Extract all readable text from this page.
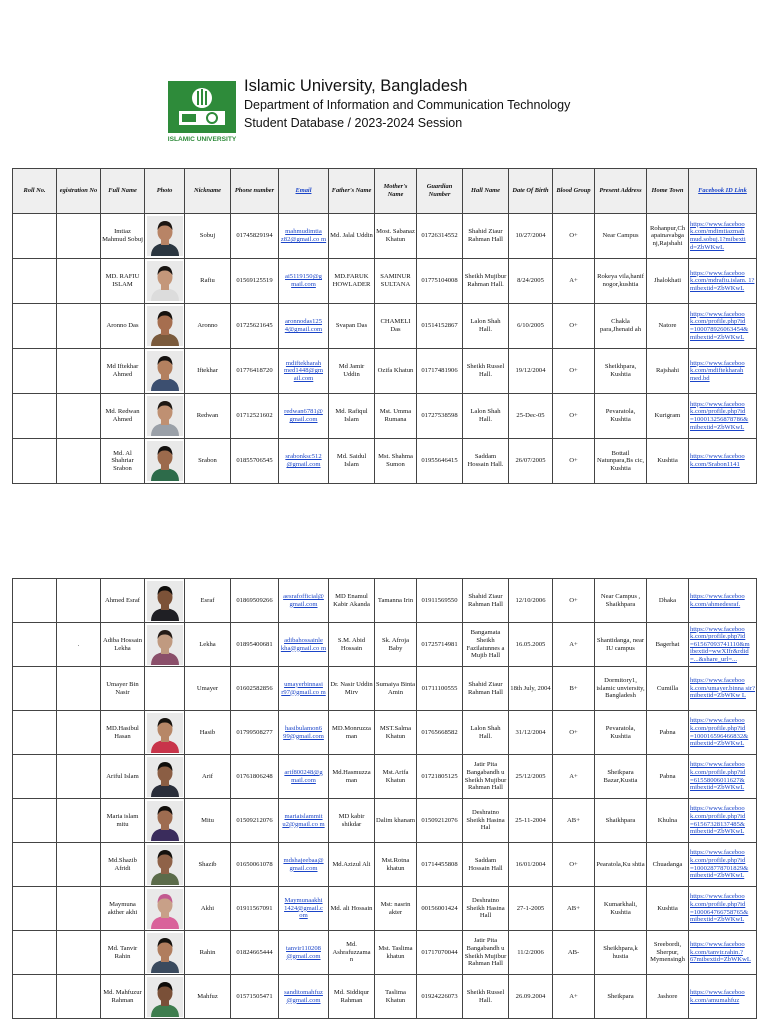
ISLAMIC UNIVERSITY
Islamic University, Bangladesh
Department of Information and Communication Technology
Student Database / 2023-2024 Session
Roll No.	egistration No	Full Name	Photo	Nickname	Phone number	Email	Father's Name	Mother's Name	Guardian Number	Hall Name	Date Of Birth	Blood Group	Present Address	Home Town	Facebook ID Link
		Imtiaz Mahmud Sobuj		Sobuj	01745829194	mahmudimtia z82@gmail.co m	Md. Jalal Uddin	Most. Sabanaz Khatun	01726314552	Shahid Ziaur Rahman Hall	10/27/2004	O+	Near Campus	Rohanpur,Ch apainavabga nj,Rajshahi	https://www.faceboo k.com/mdimtiazmah mud.sobuj.1?mibexti d=ZbWKwL
		MD. RAFIU ISLAM		Rafiu	01569125519	ai5119150@g mail.com	MD.FARUK HOWLADER	SAMINUR SULTANA	01775104008	Sheikh Mujibur Rahman Hall.	8/24/2005	A+	Rokeya vila,hanif nogor,kushtia	Jhalokhati	https://www.faceboo k.com/mdrafiu.islam. 1?mibextid=ZbWKwL
		Aronno Das		Aronno	01725621645	aronnodas125 4@gmail.com	Svapan Das	CHAMELI Das	01514152867	Lalon Shah Hall.	6/10/2005	O+	Chakla para,Jhenaid ah	Natore	https://www.faceboo k.com/profile.php?id =100078926063454& mibextid=ZbWKwL
		Md Iftekhar Ahmed		Iftekhar	01776418720	mdiftekharah med1448@gm ail.com	Md Jamir Uddin	Ozifa Khatun	01717481906	Sheikh Russel Hall.	19/12/2004	O+	Sheikhpara, Kushtia	Rajshahi	https://www.faceboo k.com/mdiftekharah med.bd
		Md. Redwan Ahmed		Redwan	01712521602	redwan6781@ gmail.com	Md. Rafiqul Islam	Mst. Umma Rumana	01727538598	Lalon Shah Hall.	25-Dec-05	O+	Pevaratola, Kushtia	Kurigram	https://www.faceboo k.com/profile.php?id =100013256878786& mibextid=ZbWKwL
		Md. Al Shahriar Srabon		Srabon	01855706545	srabonksc512 @gmail.com	Md. Saidul Islam	Mst. Shahma Sumon	01955646415	Saddam Hossain Hall.	26/07/2005	O+	Bottail Natunpara,Bs cic, Kushtia	Kushtia	https://www.faceboo k.com/Srabon1141
		Ahmed Esraf		Esraf	01869509266	aesrafofficial@ gmail.com	MD Enamul Kabir Akanda	Tamanna Irin	01911569550	Shahid Ziaur Rahman Hall	12/10/2006	O+	Near Campus , Shaikhpara	Dhaka	https://www.faceboo k.com/ahmedesraf.
	.	Adiba Hossain Lekha		Lekha	01895400681	adibahossainle kha@gmail.co m	S.M. Abid Hossain	Sk. Afroja Baby	01725714981	Bangamata Sheikh Fazilatunnes a Mujib Hall	16.05.2005	A+	Shantidanga, near IU campus	Bagerhat	https://www.faceboo k.com/profile.php?id =61567093741110&m ibextid=wwXIfr&rdid =...&share_url=...
		Umayer Bin Nasir		Umayer	01602582856	umayerbinnasi r97@gmail.co m	Dr. Nasir Uddin Mirv	Sumaiya Binta Amin	01711100555	Shahid Ziaur Rahman Hall	18th July, 2004	B+	Dormitory1, islamic unviersity, Bangladesh	Cumilla	https://www.faceboo k.com/umayer.binna sir?mibextid=ZbWKw L
		MD.Hasibul Hasan		Hasib	01799508277	hasibulamon6 99@gmail.com	MD.Monruzza man	MST.Salma Khatun	01765668582	Lalon Shah Hall.	31/12/2004	O+	Pevaratola, Kushtia	Pabna	https://www.faceboo k.com/profile.php?id =100016596466832& mibextid=ZbWKwL
		Ariful Islam		Arif	01761806248	arif800248@g mail.com	Md.Hasmuzza man	Mst.Arifa Khatun	01721805125	Jatir Pita Bangabandh u Sheikh Mujibur Rahman Hall	25/12/2005	A+	Sheikpara Bazar,Kustia	Pabna	https://www.faceboo k.com/profile.php?id =61558006011627& mibextid=ZbWKwL
		Maria islam mitu		Mitu	01509212076	mariaislammit u2@gmail.co m	MD kabir shikdar	Dalim khanam	01509212076	Deshratno Sheikh Hasina Hal	25-11-2004	AB+	Shaikhpara	Khulna	https://www.faceboo k.com/profile.php?id =61567328137485& mibextid=ZbWKwL
		Md.Shazib Afridi		Shazib	01650061078	mdshajeebaa@ gmail.com	Md.Azizul Ali	Mst.Rotna khatun	01714455808	Saddam Hossain Hall	16/01/2004	O+	Pearatola,Ku shtia	Chuadanga	https://www.faceboo k.com/profile.php?id =100028778701829& mibextid=ZbWKwL
		Maymuna akther akhi		Akhi	01911567091	Maymunaakhi 1424@gmail.c om	Md. ali Hossain	Mst: nasrin akter	00156001424	Deshratno Sheikh Hasina Hall	27-1-2005	AB+	Kumarkhali, Kushtia	Kushtia	https://www.faceboo k.com/profile.php?id =100064766758765& mibextid=ZbWKwL
		Md. Tanvir Rahin		Rahin	01824665444	tanvir110208 @gmail.com	Md. Ashrafuzzama n	Mst. Taslima khatun	01717070044	Jatir Pita Bangabandh u Sheikh Mujibur Rahman Hall	11/2/2006	AB-	Sheikhpara,k hustia	Sreebordi, Sherpur, Mymensingh	https://www.faceboo k.com/tanvir.rahin.? 67mibextid=ZbWKwL
		Md. Mahfuzur Rahman		Mahfuz	01571505471	sanditomahfuz @gmail.com	Md. Siddiqur Rahman	Taslima Khatun	01924226073	Sheikh Russel Hall.	26.09.2004	A+	Sheikpara	Jashore	https://www.faceboo k.com/amumahfuz
